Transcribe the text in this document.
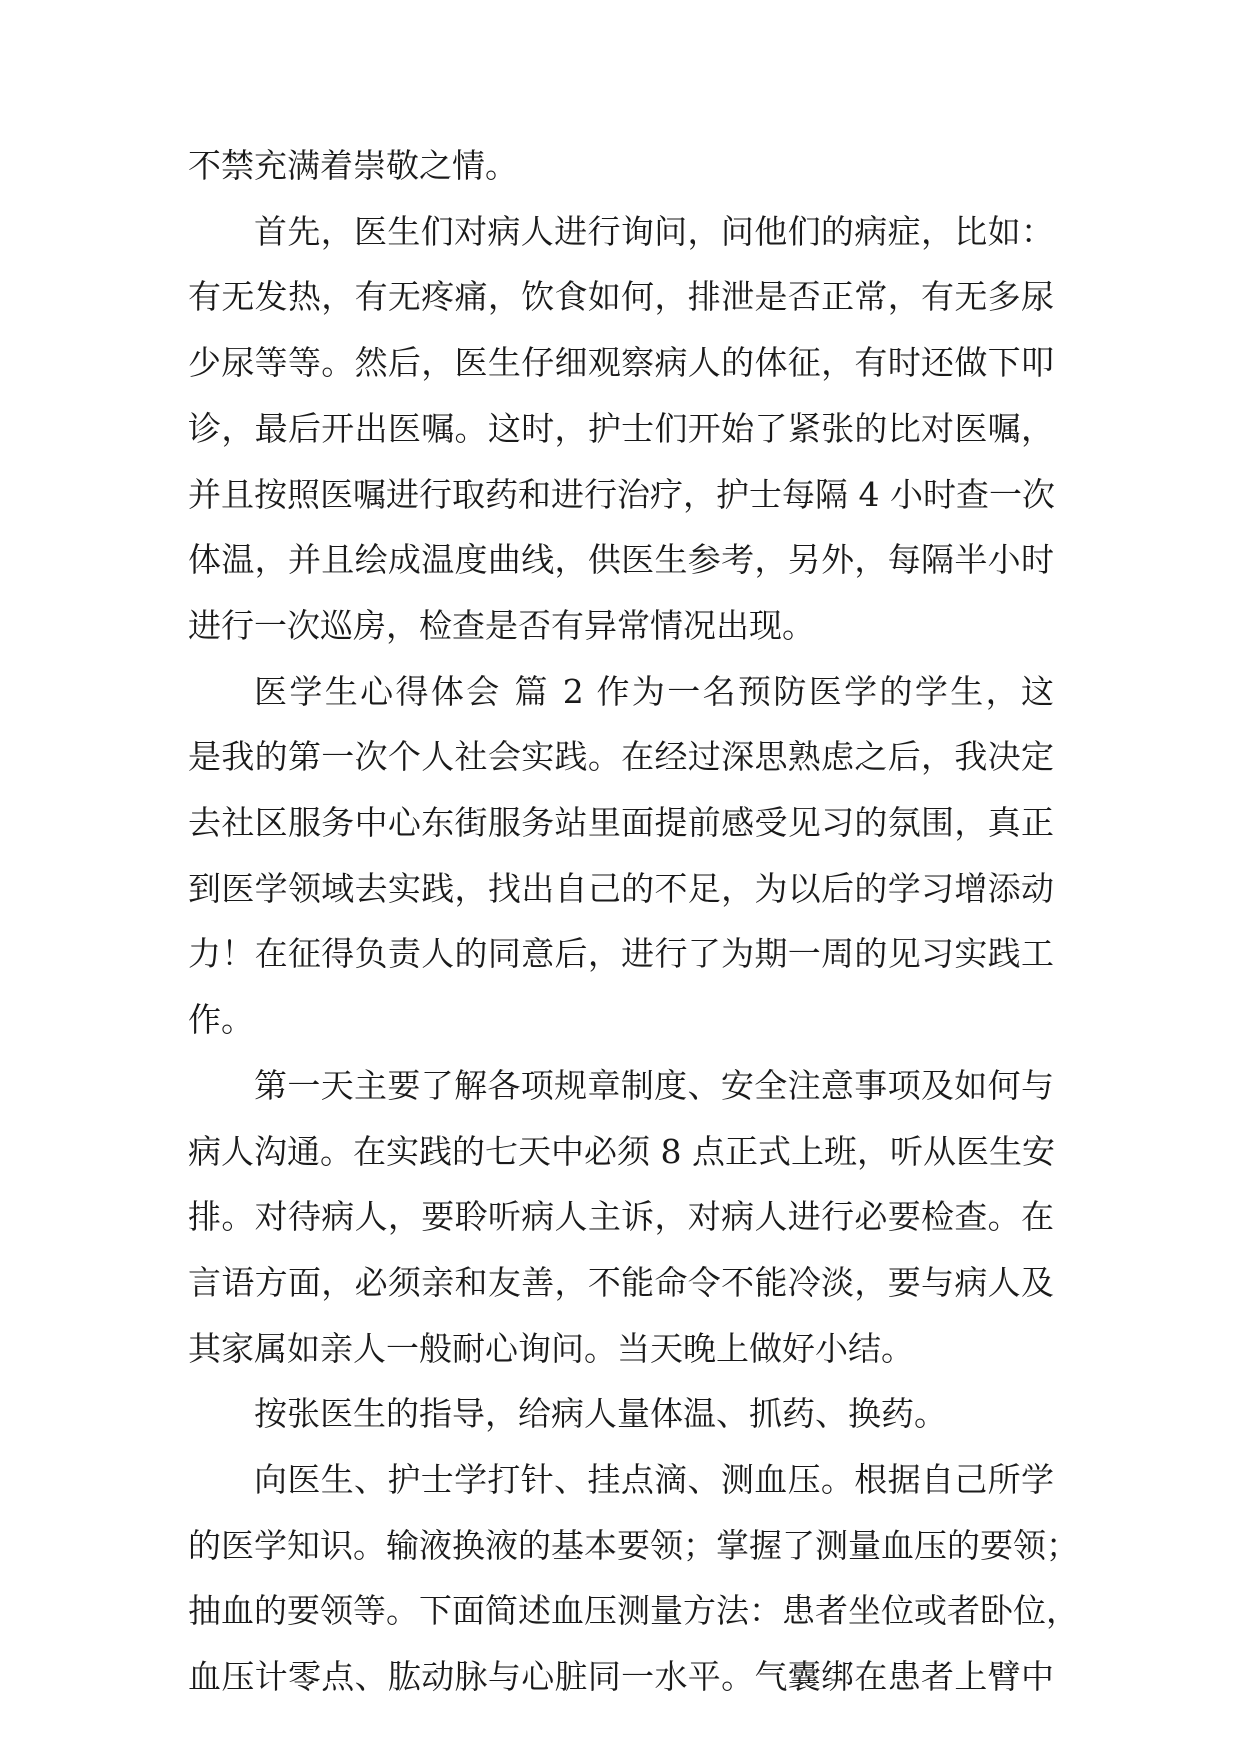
不禁充满着崇敬之情。
首先，医生们对病人进行询问，问他们的病症，比如：
有无发热，有无疼痛，饮食如何，排泄是否正常，有无多尿
少尿等等。然后，医生仔细观察病人的体征，有时还做下叩
诊，最后开出医嘱。这时，护士们开始了紧张的比对医嘱，
并且按照医嘱进行取药和进行治疗，护士每隔 4 小时查一次
体温，并且绘成温度曲线，供医生参考，另外，每隔半小时
进行一次巡房，检查是否有异常情况出现。
医学生心得体会 篇 2 作为一名预防医学的学生，这
是我的第一次个人社会实践。在经过深思熟虑之后，我决定
去社区服务中心东街服务站里面提前感受见习的氛围，真正
到医学领域去实践，找出自己的不足，为以后的学习增添动
力！在征得负责人的同意后，进行了为期一周的见习实践工
作。
第一天主要了解各项规章制度、安全注意事项及如何与
病人沟通。在实践的七天中必须 8 点正式上班，听从医生安
排。对待病人，要聆听病人主诉，对病人进行必要检查。在
言语方面，必须亲和友善，不能命令不能冷淡，要与病人及
其家属如亲人一般耐心询问。当天晚上做好小结。
按张医生的指导，给病人量体温、抓药、换药。
向医生、护士学打针、挂点滴、测血压。根据自己所学
的医学知识。输液换液的基本要领；掌握了测量血压的要领；
抽血的要领等。下面简述血压测量方法：患者坐位或者卧位，
血压计零点、肱动脉与心脏同一水平。气囊绑在患者上臂中
